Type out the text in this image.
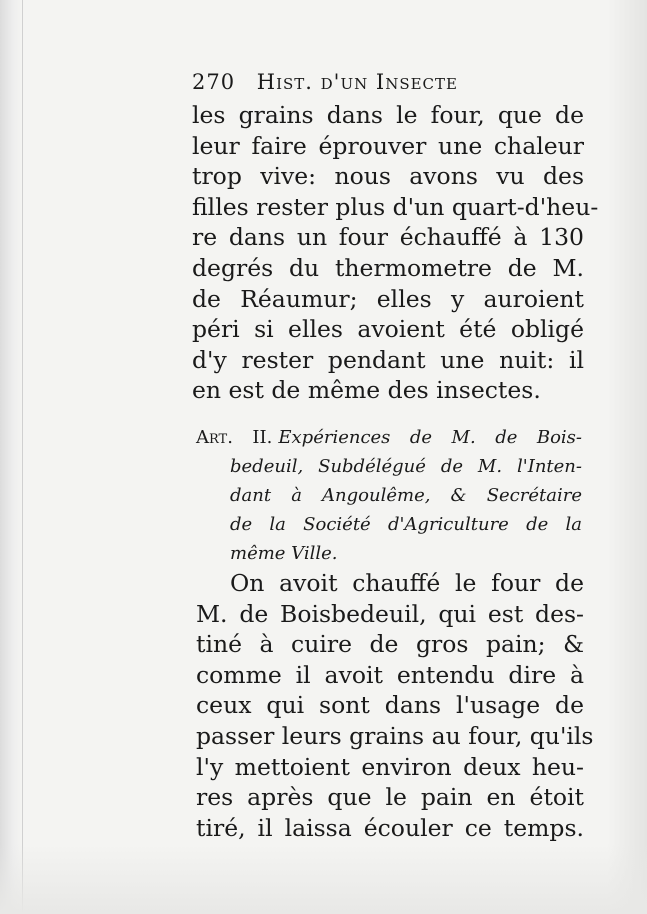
270 Hist. d'un Insecte
les grains dans le four, que de
leur faire éprouver une chaleur
trop vive: nous avons vu des
filles rester plus d'un quart-d'heu-
re dans un four échauffé à 130
degrés du thermometre de M.
de Réaumur; elles y auroient
péri si elles avoient été obligé
d'y rester pendant une nuit: il
en est de même des insectes.
Art. II. Expériences de M. de Bois-
bedeuil, Subdélégué de M. l'Inten-
dant à Angoulême, & Secrétaire
de la Société d'Agriculture de la
même Ville.
On avoit chauffé le four de
M. de Boisbedeuil, qui est des-
tiné à cuire de gros pain; &
comme il avoit entendu dire à
ceux qui sont dans l'usage de
passer leurs grains au four, qu'ils
l'y mettoient environ deux heu-
res après que le pain en étoit
tiré, il laissa écouler ce temps.
